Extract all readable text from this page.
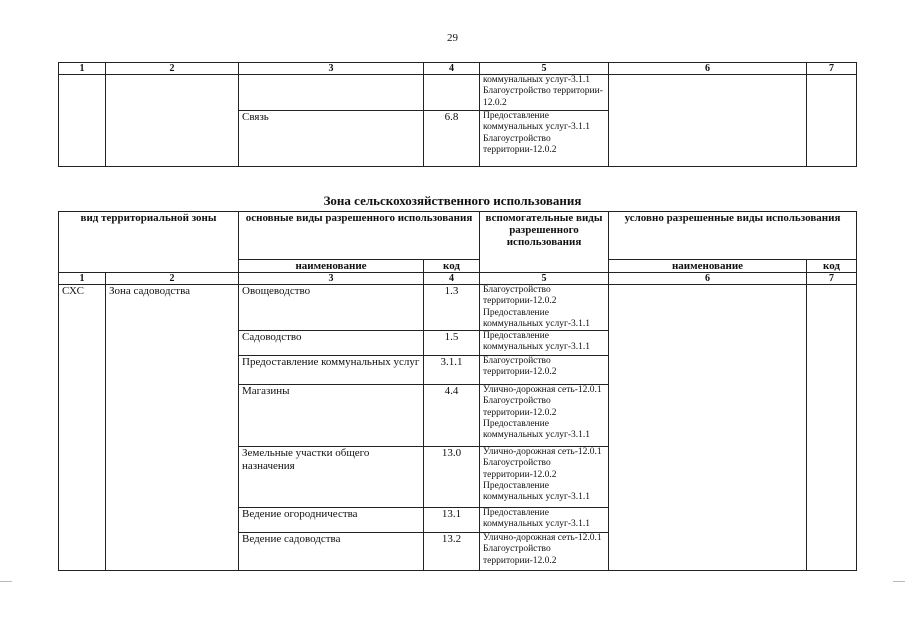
29
1	2	3	4	5	6	7
				коммунальных услуг-3.1.1 Благоустройство территории- 12.0.2		
		Связь	6.8	Предоставление коммунальных услуг-3.1.1 Благоустройство территории-12.0.2		
Зона сельскохозяйственного использования
вид территориальной зоны		основные виды разрешенного использования		вспомогательные виды разрешенного использования	условно разрешенные виды использования	
		наименование	код		наименование	код
1	2	3	4	5	6	7
СХС	Зона садоводства	Овощеводство	1.3	Благоустройство территории-12.0.2 Предоставление коммунальных услуг-3.1.1		
		Садоводство	1.5	Предоставление коммунальных услуг-3.1.1		
		Предоставление коммунальных услуг	3.1.1	Благоустройство территории-12.0.2		
		Магазины	4.4	Улично-дорожная сеть-12.0.1 Благоустройство территории-12.0.2 Предоставление коммунальных услуг-3.1.1		
		Земельные участки общего назначения	13.0	Улично-дорожная сеть-12.0.1 Благоустройство территории-12.0.2 Предоставление коммунальных услуг-3.1.1		
		Ведение огородничества	13.1	Предоставление коммунальных услуг-3.1.1		
		Ведение садоводства	13.2	Улично-дорожная сеть-12.0.1 Благоустройство территории-12.0.2		
